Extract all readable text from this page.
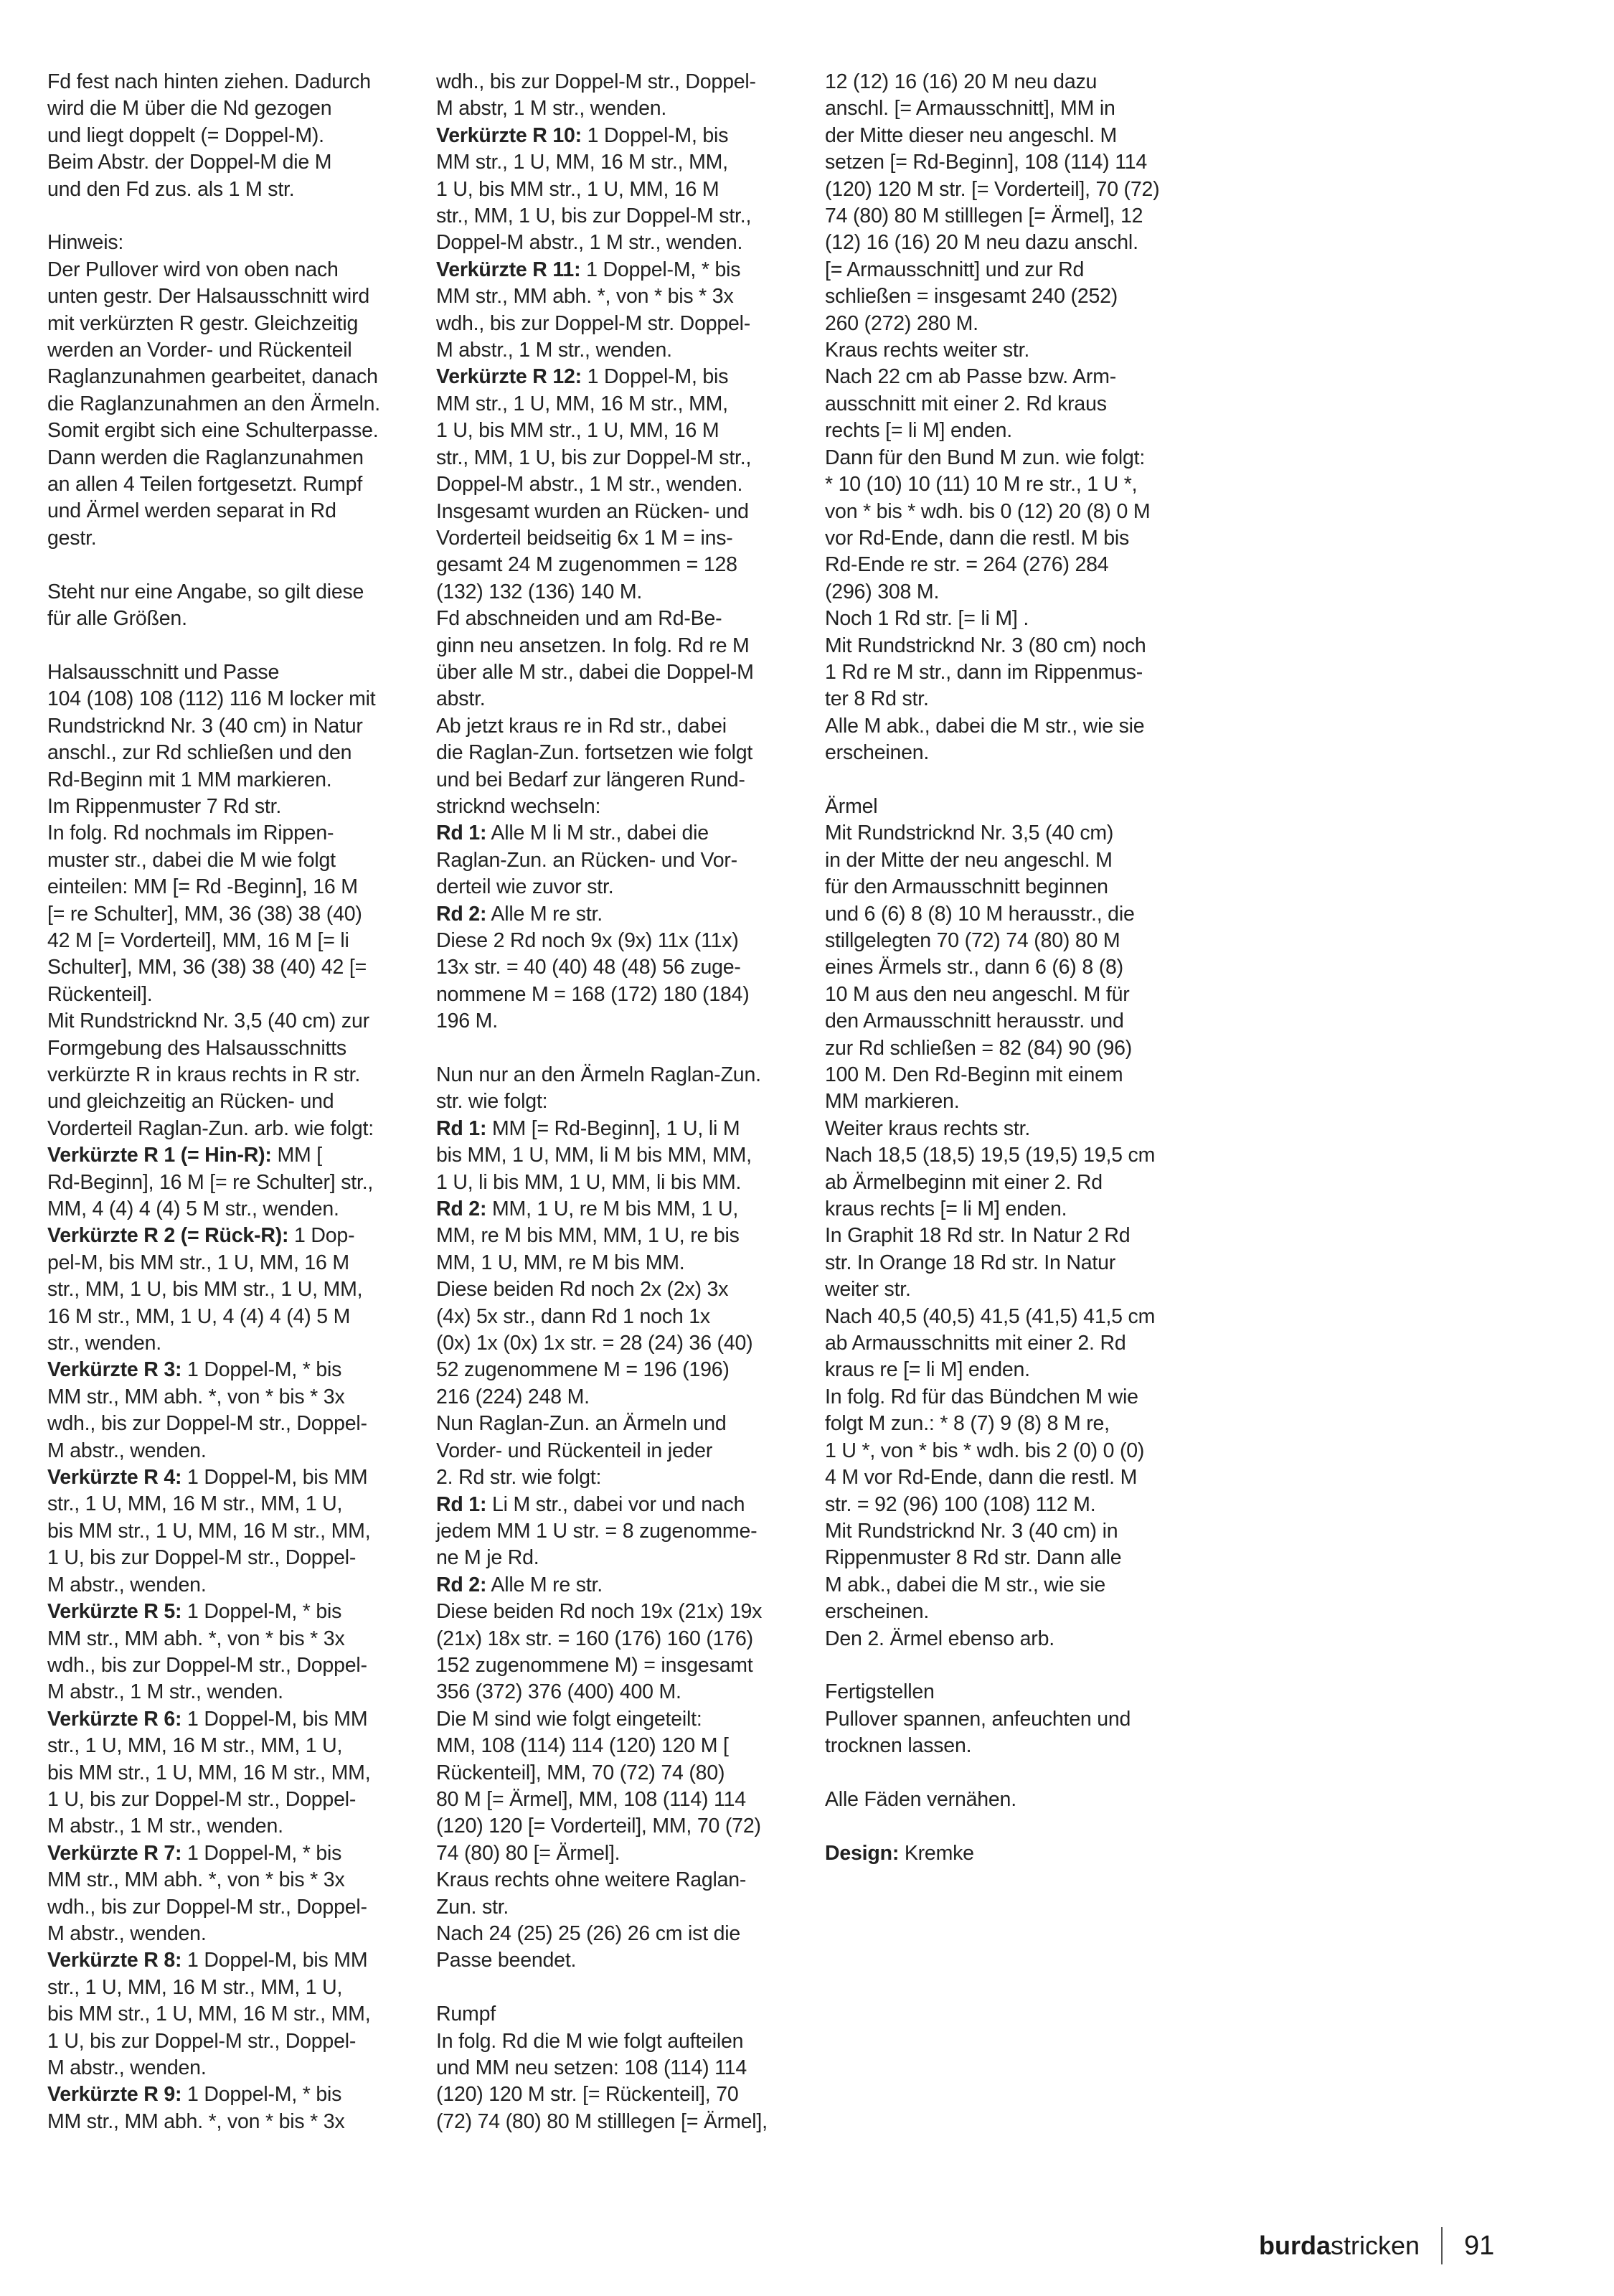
Fd fest nach hinten ziehen. Dadurch
wird die M über die Nd gezogen
und liegt doppelt (= Doppel-M).
Beim Abstr. der Doppel-M die M
und den Fd zus. als 1 M str.
Hinweis:
Der Pullover wird von oben nach
unten gestr. Der Halsausschnitt wird
mit verkürzten R gestr. Gleichzeitig
werden an Vorder- und Rückenteil
Raglanzunahmen gearbeitet, danach
die Raglanzunahmen an den Ärmeln.
Somit ergibt sich eine Schulterpasse.
Dann werden die Raglanzunahmen
an allen 4 Teilen fortgesetzt. Rumpf
und Ärmel werden separat in Rd
gestr.
Steht nur eine Angabe, so gilt diese
für alle Größen.
Halsausschnitt und Passe
104 (108) 108 (112) 116 M locker mit
Rundstricknd Nr. 3 (40 cm) in Natur
anschl., zur Rd schließen und den
Rd-Beginn mit 1 MM markieren.
Im Rippenmuster 7 Rd str.
In folg. Rd nochmals im Rippen-
muster str., dabei die M wie folgt
einteilen: MM [= Rd -Beginn], 16 M
[= re Schulter], MM, 36 (38) 38 (40)
42 M [= Vorderteil], MM, 16 M [= li
Schulter], MM, 36 (38) 38 (40) 42 [=
Rückenteil].
Mit Rundstricknd Nr. 3,5 (40 cm) zur
Formgebung des Halsausschnitts
verkürzte R in kraus rechts in R str.
und gleichzeitig an Rücken- und
Vorderteil Raglan-Zun. arb. wie folgt:
Verkürzte R 1 (= Hin-R): MM [
Rd-Beginn], 16 M [= re Schulter] str.,
MM, 4 (4) 4 (4) 5 M str., wenden.
Verkürzte R 2 (= Rück-R): 1 Dop-
pel-M, bis MM str., 1 U, MM, 16 M
str., MM, 1 U, bis MM str., 1 U, MM,
16 M str., MM, 1 U, 4 (4) 4 (4) 5 M
str., wenden.
Verkürzte R 3: 1 Doppel-M, * bis
MM str., MM abh. *, von * bis * 3x
wdh., bis zur Doppel-M str., Doppel-
M abstr., wenden.
Verkürzte R 4: 1 Doppel-M, bis MM
str., 1 U, MM, 16 M str., MM, 1 U,
bis MM str., 1 U, MM, 16 M str., MM,
1 U, bis zur Doppel-M str., Doppel-
M abstr., wenden.
Verkürzte R 5: 1 Doppel-M, * bis
MM str., MM abh. *, von * bis * 3x
wdh., bis zur Doppel-M str., Doppel-
M abstr., 1 M str., wenden.
Verkürzte R 6: 1 Doppel-M, bis MM
str., 1 U, MM, 16 M str., MM, 1 U,
bis MM str., 1 U, MM, 16 M str., MM,
1 U, bis zur Doppel-M str., Doppel-
M abstr., 1 M str., wenden.
Verkürzte R 7: 1 Doppel-M, * bis
MM str., MM abh. *, von * bis * 3x
wdh., bis zur Doppel-M str., Doppel-
M abstr., wenden.
Verkürzte R 8: 1 Doppel-M, bis MM
str., 1 U, MM, 16 M str., MM, 1 U,
bis MM str., 1 U, MM, 16 M str., MM,
1 U, bis zur Doppel-M str., Doppel-
M abstr., wenden.
Verkürzte R 9: 1 Doppel-M, * bis
MM str., MM abh. *, von * bis * 3x
wdh., bis zur Doppel-M str., Doppel-
M abstr, 1 M str., wenden.
Verkürzte R 10: 1 Doppel-M, bis
MM str., 1 U, MM, 16 M str., MM,
1 U, bis MM str., 1 U, MM, 16 M
str., MM, 1 U, bis zur Doppel-M str.,
Doppel-M abstr., 1 M str., wenden.
Verkürzte R 11: 1 Doppel-M, * bis
MM str., MM abh. *, von * bis * 3x
wdh., bis zur Doppel-M str. Doppel-
M abstr., 1 M str., wenden.
Verkürzte R 12: 1 Doppel-M, bis
MM str., 1 U, MM, 16 M str., MM,
1 U, bis MM str., 1 U, MM, 16 M
str., MM, 1 U, bis zur Doppel-M str.,
Doppel-M abstr., 1 M str., wenden.
Insgesamt wurden an Rücken- und
Vorderteil beidseitig 6x 1 M = ins-
gesamt 24 M zugenommen = 128
(132) 132 (136) 140 M.
Fd abschneiden und am Rd-Be-
ginn neu ansetzen. In folg. Rd re M
über alle M str., dabei die Doppel-M
abstr.
Ab jetzt kraus re in Rd str., dabei
die Raglan-Zun. fortsetzen wie folgt
und bei Bedarf zur längeren Rund-
stricknd wechseln:
Rd 1: Alle M li M str., dabei die
Raglan-Zun. an Rücken- und Vor-
derteil wie zuvor str.
Rd 2: Alle M re str.
Diese 2 Rd noch 9x (9x) 11x (11x)
13x str. = 40 (40) 48 (48) 56 zuge-
nommene M = 168 (172) 180 (184)
196 M.
Nun nur an den Ärmeln Raglan-Zun.
str. wie folgt:
Rd 1: MM [= Rd-Beginn], 1 U, li M
bis MM, 1 U, MM, li M bis MM, MM,
1 U, li bis MM, 1 U, MM, li bis MM.
Rd 2: MM, 1 U, re M bis MM, 1 U,
MM, re M bis MM, MM, 1 U, re bis
MM, 1 U, MM, re M bis MM.
Diese beiden Rd noch 2x (2x) 3x
(4x) 5x str., dann Rd 1 noch 1x
(0x) 1x (0x) 1x str. = 28 (24) 36 (40)
52 zugenommene M = 196 (196)
216 (224) 248 M.
Nun Raglan-Zun. an Ärmeln und
Vorder- und Rückenteil in jeder
2. Rd str. wie folgt:
Rd 1: Li M str., dabei vor und nach
jedem MM 1 U str. = 8 zugenomme-
ne M je Rd.
Rd 2: Alle M re str.
Diese beiden Rd noch 19x (21x) 19x
(21x) 18x str. = 160 (176) 160 (176)
152 zugenommene M) = insgesamt
356 (372) 376 (400) 400 M.
Die M sind wie folgt eingeteilt:
MM, 108 (114) 114 (120) 120 M [
Rückenteil], MM, 70 (72) 74 (80)
80 M [= Ärmel], MM, 108 (114) 114
(120) 120 [= Vorderteil], MM, 70 (72)
74 (80) 80 [= Ärmel].
Kraus rechts ohne weitere Raglan-
Zun. str.
Nach 24 (25) 25 (26) 26 cm ist die
Passe beendet.
Rumpf
In folg. Rd die M wie folgt aufteilen
und MM neu setzen: 108 (114) 114
(120) 120 M str. [= Rückenteil], 70
(72) 74 (80) 80 M stilllegen [= Ärmel],
12 (12) 16 (16) 20 M neu dazu
anschl. [= Armausschnitt], MM in
der Mitte dieser neu angeschl. M
setzen [= Rd-Beginn], 108 (114) 114
(120) 120 M str. [= Vorderteil], 70 (72)
74 (80) 80 M stilllegen [= Ärmel], 12
(12) 16 (16) 20 M neu dazu anschl.
[= Armausschnitt] und zur Rd
schließen = insgesamt 240 (252)
260 (272) 280 M.
Kraus rechts weiter str.
Nach 22 cm ab Passe bzw. Arm-
ausschnitt mit einer 2. Rd kraus
rechts [= li M] enden.
Dann für den Bund M zun. wie folgt:
* 10 (10) 10 (11) 10 M re str., 1 U *,
von * bis * wdh. bis 0 (12) 20 (8) 0 M
vor Rd-Ende, dann die restl. M bis
Rd-Ende re str. = 264 (276) 284
(296) 308 M.
Noch 1 Rd str. [= li M] .
Mit Rundstricknd Nr. 3 (80 cm) noch
1 Rd re M str., dann im Rippenmus-
ter 8 Rd str.
Alle M abk., dabei die M str., wie sie
erscheinen.
Ärmel
Mit Rundstricknd Nr. 3,5 (40 cm)
in der Mitte der neu angeschl. M
für den Armausschnitt beginnen
und 6 (6) 8 (8) 10 M herausstr., die
stillgelegten 70 (72) 74 (80) 80 M
eines Ärmels str., dann 6 (6) 8 (8)
10 M aus den neu angeschl. M für
den Armausschnitt herausstr. und
zur Rd schließen = 82 (84) 90 (96)
100 M. Den Rd-Beginn mit einem
MM markieren.
Weiter kraus rechts str.
Nach 18,5 (18,5) 19,5 (19,5) 19,5 cm
ab Ärmelbeginn mit einer 2. Rd
kraus rechts [= li M] enden.
In Graphit 18 Rd str. In Natur 2 Rd
str. In Orange 18 Rd str. In Natur
weiter str.
Nach 40,5 (40,5) 41,5 (41,5) 41,5 cm
ab Armausschnitts mit einer 2. Rd
kraus re [= li M] enden.
In folg. Rd für das Bündchen M wie
folgt M zun.: * 8 (7) 9 (8) 8 M re,
1 U *, von * bis * wdh. bis 2 (0) 0 (0)
4 M vor Rd-Ende, dann die restl. M
str. = 92 (96) 100 (108) 112 M.
Mit Rundstricknd Nr. 3 (40 cm) in
Rippenmuster 8 Rd str. Dann alle
M abk., dabei die M str., wie sie
erscheinen.
Den 2. Ärmel ebenso arb.
Fertigstellen
Pullover spannen, anfeuchten und
trocknen lassen.
Alle Fäden vernähen.
Design: Kremke
burdastricken 91
